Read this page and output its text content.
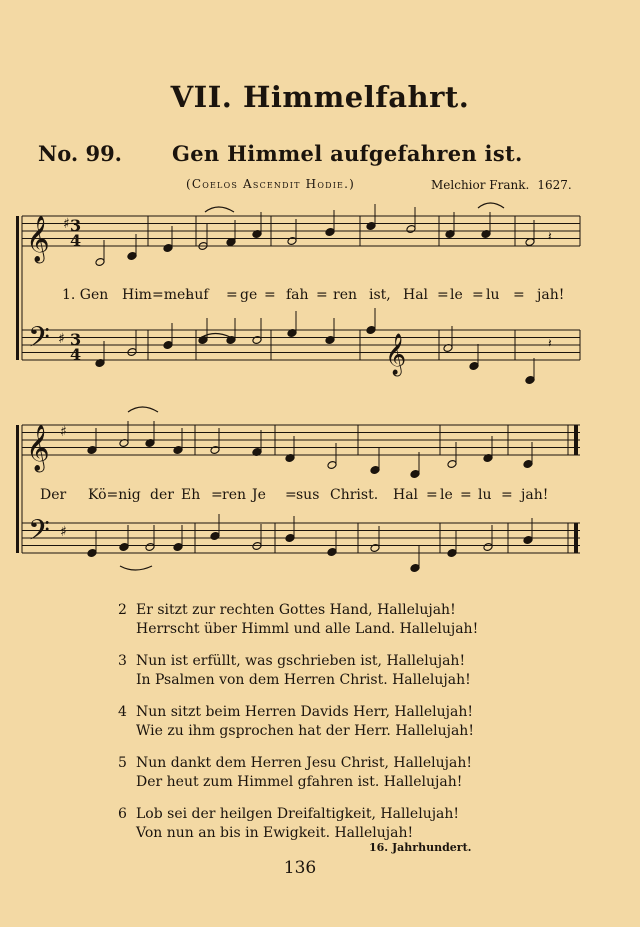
VII. Himmelfahrt.
No. 99. Gen Himmel aufgefahren ist.
(Coelos Ascendit Hodie.)	Melchior Frank. 1627.
𝄞
𝄢
𝄞
𝄢
♯
♯
♯
♯
3
4
3
4	𝄞
𝄽
𝄽
1. Gen Him=mel
auf = ge = fah = ren ist, Hal = le = lu = jah!
Der Kö=nig der Eh = ren Je = sus Christ. Hal = le = lu = jah!
2 Er sitzt zur rechten Gottes Hand, Hallelujah!
Herrscht über Himml und alle Land. Hallelujah!
3 Nun ist erfüllt, was gschrieben ist, Hallelujah!
In Psalmen von dem Herren Christ. Hallelujah!
4 Nun sitzt beim Herren Davids Herr, Hallelujah!
Wie zu ihm gsprochen hat der Herr. Hallelujah!
5 Nun dankt dem Herren Jesu Christ, Hallelujah!
Der heut zum Himmel gfahren ist. Hallelujah!
6 Lob sei der heilgen Dreifaltigkeit, Hallelujah!
Von nun an bis in Ewigkeit. Hallelujah!
16. Jahrhundert.
136
